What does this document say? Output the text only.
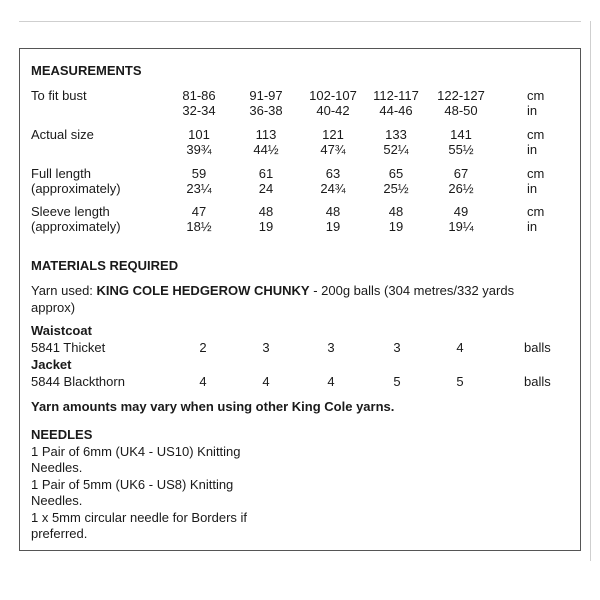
MEASUREMENTS
To fit bust	81-86	91-97	102-107	112-117	122-127	cm
32-34	36-38	40-42	44-46	48-50	in
Actual size	101	113	121	133	141	cm
39¾	44½	47¾	52¼	55½	in
Full length
(approximately)
59	61	63	65	67	cm
23¼	24	24¾	25½	26½	in
Sleeve length
(approximately)
47	48	48	48	49	cm
18½	19	19	19	19¼	in
MATERIALS REQUIRED
Yarn used: KING COLE HEDGEROW CHUNKY - 200g balls (304 metres/332 yards approx)
Waistcoat
5841 Thicket	2	3	3	3	4	balls
Jacket
5844 Blackthorn	4	4	4	5	5	balls
Yarn amounts may vary when using other King Cole yarns.
NEEDLES
1 Pair of 6mm (UK4 - US10) Knitting
Needles.
1 Pair of 5mm (UK6 - US8) Knitting
Needles.
1 x 5mm circular needle for Borders if
preferred.
